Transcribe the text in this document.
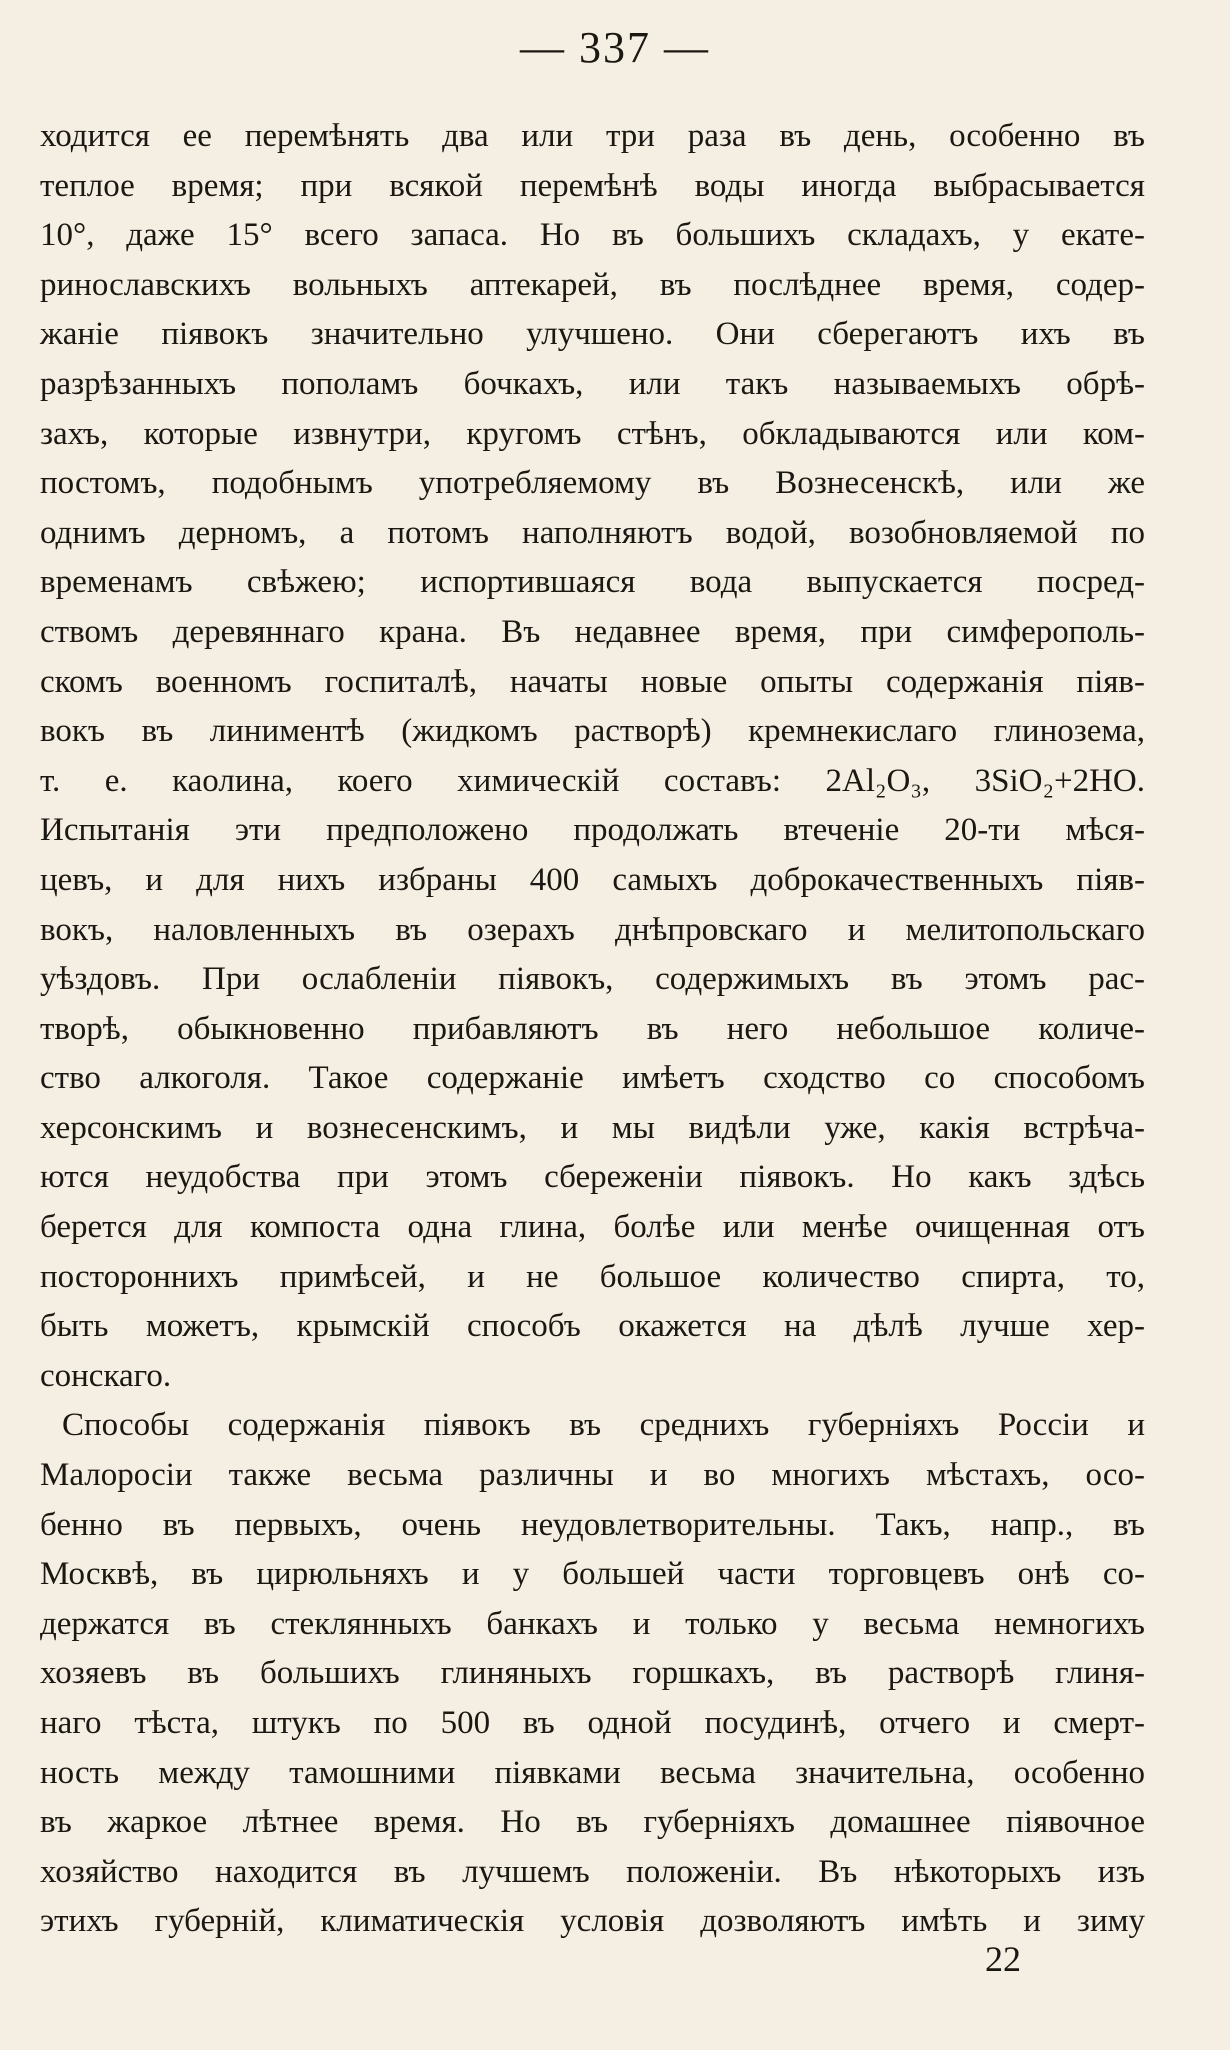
— 337 —
ходится ее перемѣнять два или три раза въ день, особенно въ
теплое время; при всякой перемѣнѣ воды иногда выбрасывается
10°, даже 15° всего запаса. Но въ большихъ складахъ, у екате-
ринославскихъ вольныхъ аптекарей, въ послѣднее время, содер-
жаніе піявокъ значительно улучшено. Они сберегаютъ ихъ въ
разрѣзанныхъ пополамъ бочкахъ, или такъ называемыхъ обрѣ-
захъ, которые извнутри, кругомъ стѣнъ, обкладываются или ком-
постомъ, подобнымъ употребляемому въ Вознесенскѣ, или же
однимъ дерномъ, а потомъ наполняютъ водой, возобновляемой по
временамъ свѣжею; испортившаяся вода выпускается посред-
ствомъ деревяннаго крана. Въ недавнее время, при симферополь-
скомъ военномъ госпиталѣ, начаты новые опыты содержанія піяв-
вокъ въ линиментѣ (жидкомъ растворѣ) кремнекислаго глинозема,
т. е. каолина, коего химическій составъ: 2Al₂O₃, 3SiO₂+2HO.
Испытанія эти предположено продолжать втеченіе 20-ти мѣся-
цевъ, и для нихъ избраны 400 самыхъ доброкачественныхъ піяв-
вокъ, наловленныхъ въ озерахъ днѣпровскаго и мелитопольскаго
уѣздовъ. При ослабленіи піявокъ, содержимыхъ въ этомъ рас-
творѣ, обыкновенно прибавляютъ въ него небольшое количе-
ство алкоголя. Такое содержаніе имѣетъ сходство со способомъ
херсонскимъ и вознесенскимъ, и мы видѣли уже, какія встрѣча-
ются неудобства при этомъ сбереженіи піявокъ. Но какъ здѣсь
берется для компоста одна глина, болѣе или менѣе очищенная отъ
постороннихъ примѣсей, и не большое количество спирта, то,
быть можетъ, крымскій способъ окажется на дѣлѣ лучше хер-
сонскаго.
Способы содержанія піявокъ въ среднихъ губерніяхъ Россіи и
Малоросіи также весьма различны и во многихъ мѣстахъ, осо-
бенно въ первыхъ, очень неудовлетворительны. Такъ, напр., въ
Москвѣ, въ цирюльняхъ и у большей части торговцевъ онѣ со-
держатся въ стеклянныхъ банкахъ и только у весьма немногихъ
хозяевъ въ большихъ глиняныхъ горшкахъ, въ растворѣ глиня-
наго тѣста, штукъ по 500 въ одной посудинѣ, отчего и смерт-
ность между тамошними піявками весьма значительна, особенно
въ жаркое лѣтнее время. Но въ губерніяхъ домашнее піявочное
хозяйство находится въ лучшемъ положеніи. Въ нѣкоторыхъ изъ
этихъ губерній, климатическія условія дозволяютъ имѣть и зиму
22
